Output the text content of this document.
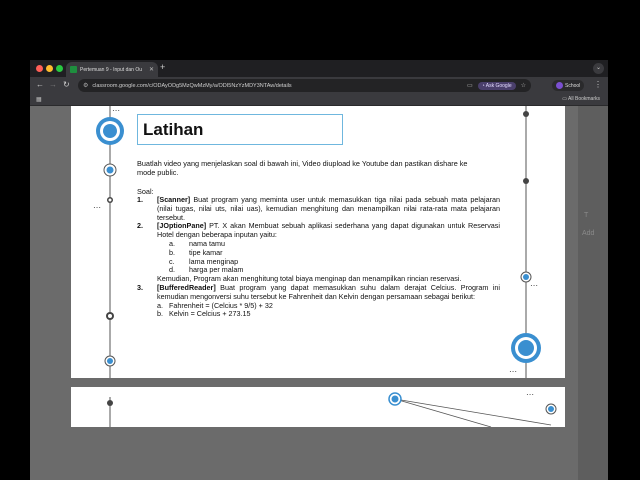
Pertemuan 9 - Input dan Ou	✕ +	⌄
← → ↻ ⚙ classroom.google.com/c/ODAyODg5MzQwMzMy/a/ODI5NzYzMDY3NTAw/details	▭	◔ Ask Google	☆	School ⋮
▦	▭ All Bookmarks
⋯
⋯
⋯
⋯
Latihan
Buatlah video yang menjelaskan soal di bawah ini, Video diupload ke Youtube dan pastikan dishare ke mode public.
Soal:
1.	[Scanner] Buat program yang meminta user untuk memasukkan tiga nilai pada sebuah mata pelajaran (nilai tugas, nilai uts, nilai uas), kemudian menghitung dan menampilkan nilai rata-rata mata pelajaran tersebut.
2.	[JOptionPane] PT. X akan Membuat sebuah aplikasi sederhana yang dapat digunakan untuk Reservasi Hotel dengan beberapa inputan yaitu:
a.	nama tamu
b.	tipe kamar
c.	lama menginap
d.	harga per malam
Kemudian, Program akan menghitung total biaya menginap dan menampilkan rincian reservasi.
3.	[BufferedReader] Buat program yang dapat memasukkan suhu dalam derajat Celcius. Program ini kemudian mengonversi suhu tersebut ke Fahrenheit dan Kelvin dengan persamaan sebagai berikut:
a. Fahrenheit = (Celcius * 9/5) + 32
b. Kelvin = Celcius + 273.15
⋯
T
Add
